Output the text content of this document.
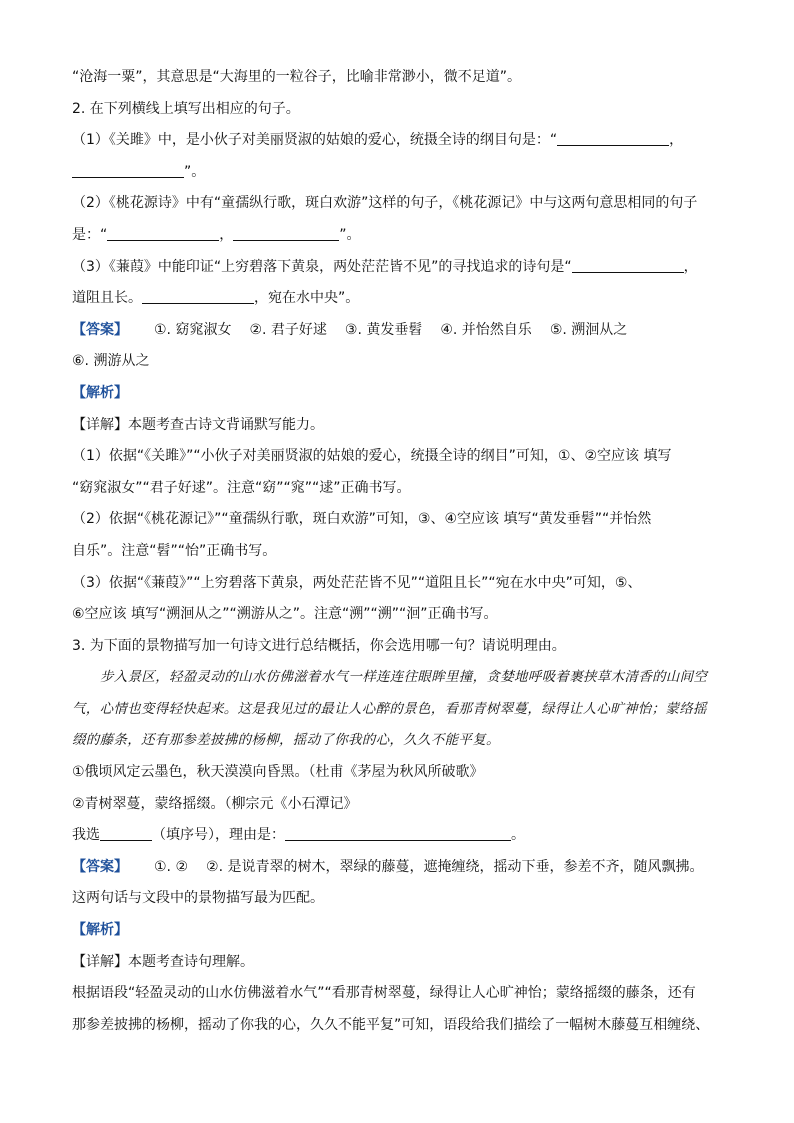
“沧海一粟”，其意思是“大海里的一粒谷子，比喻非常渺小，微不足道”。
2. 在下列横线上填写出相应的句子。
（1）《关雎》中，是小伙子对美丽贤淑的姑娘的爱心，统摄全诗的纲目句是：“	，
”。
（2）《桃花源诗》中有“童孺纵行歌，斑白欢游”这样的句子，《桃花源记》中与这两句意思相同的句子
是：“	，	”。
（3）《蒹葭》中能印证“上穷碧落下黄泉，两处茫茫皆不见”的寻找追求的诗句是“	，
道阻且长。	，宛在水中央”。
【答案】 ①. 窈窕淑女 ②. 君子好逑 ③. 黄发垂髫 ④. 并怡然自乐 ⑤. 溯洄从之
⑥. 溯游从之
【解析】
【详解】本题考查古诗文背诵默写能力。
（1）依据“《关雎》”“小伙子对美丽贤淑的姑娘的爱心，统摄全诗的纲目”可知，①、②空应该 填写
“窈窕淑女”“君子好逑”。注意“窈”“窕”“逑”正确书写。
（2）依据“《桃花源记》”“童孺纵行歌，斑白欢游”可知，③、④空应该 填写“黄发垂髫”“并怡然
自乐”。注意“髫”“怡”正确书写。
（3）依据“《蒹葭》”“上穷碧落下黄泉，两处茫茫皆不见”“道阻且长”“宛在水中央”可知，⑤、
⑥空应该 填写“溯洄从之”“溯游从之”。注意“溯”“溯”“洄”正确书写。
3. 为下面的景物描写加一句诗文进行总结概括，你会选用哪一句？请说明理由。
步入景区，轻盈灵动的山水仿佛滋着水气一样连连往眼眸里撞，贪婪地呼吸着裹挟草木清香的山间空
气，心情也变得轻快起来。这是我见过的最让人心醉的景色，看那青树翠蔓，绿得让人心旷神怡；蒙络摇
缀的藤条，还有那参差披拂的杨柳，摇动了你我的心，久久不能平复。
①俄顷风定云墨色，秋天漠漠向昏黑。（杜甫《茅屋为秋风所破歌》
②青树翠蔓，蒙络摇缀。（柳宗元《小石潭记》
我选	（填序号），理由是：	。
【答案】 ①. ② ②. 是说青翠的树木，翠绿的藤蔓，遮掩缠绕，摇动下垂，参差不齐，随风飘拂。
这两句话与文段中的景物描写最为匹配。
【解析】
【详解】本题考查诗句理解。
根据语段“轻盈灵动的山水仿佛滋着水气”“看那青树翠蔓，绿得让人心旷神怡；蒙络摇缀的藤条，还有
那参差披拂的杨柳，摇动了你我的心，久久不能平复”可知，语段给我们描绘了一幅树木藤蔓互相缠绕、
